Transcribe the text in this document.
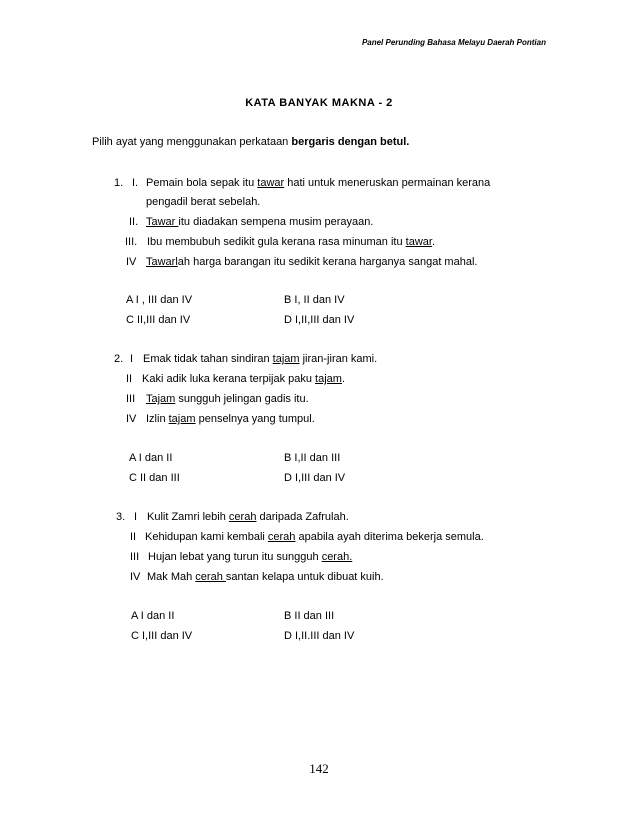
Panel Perunding Bahasa Melayu Daerah Pontian
KATA BANYAK MAKNA - 2
Pilih ayat yang menggunakan perkataan bergaris dengan betul.
1. I. Pemain bola sepak itu tawar hati untuk meneruskan permainan kerana
pengadil berat sebelah.
II. Tawar itu diadakan sempena musim perayaan.
III. Ibu membubuh sedikit gula kerana rasa minuman itu tawar.
IV Tawarlah harga barangan itu sedikit kerana harganya sangat mahal.
A I , III dan IV	B I, II dan IV
C II,III dan IV	D I,II,III dan IV
2. I Emak tidak tahan sindiran tajam jiran-jiran kami.
II Kaki adik luka kerana terpijak paku tajam.
III Tajam sungguh jelingan gadis itu.
IV Izlin tajam penselnya yang tumpul.
A I dan II	B I,II dan III
C II dan III	D I,III dan IV
3. I Kulit Zamri lebih cerah daripada Zafrulah.
II Kehidupan kami kembali cerah apabila ayah diterima bekerja semula.
III Hujan lebat yang turun itu sungguh cerah.
IV Mak Mah cerah santan kelapa untuk dibuat kuih.
A I dan II	B II dan III
C I,III dan IV	D I,II.III dan IV
142
